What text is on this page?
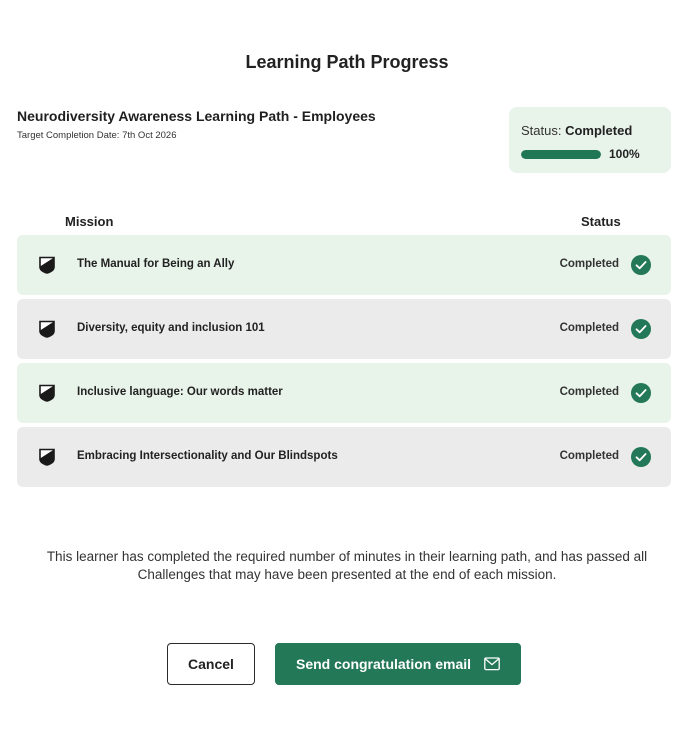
Learning Path Progress
Neurodiversity Awareness Learning Path - Employees
Target Completion Date: 7th Oct 2026	Status: Completed
100%
Mission	Status
The Manual for Being an Ally	Completed
Diversity, equity and inclusion 101	Completed
Inclusive language: Our words matter	Completed
Embracing Intersectionality and Our Blindspots	Completed
This learner has completed the required number of minutes in their learning path, and has passed all Challenges that may have been presented at the end of each mission.
Cancel	Send congratulation email
